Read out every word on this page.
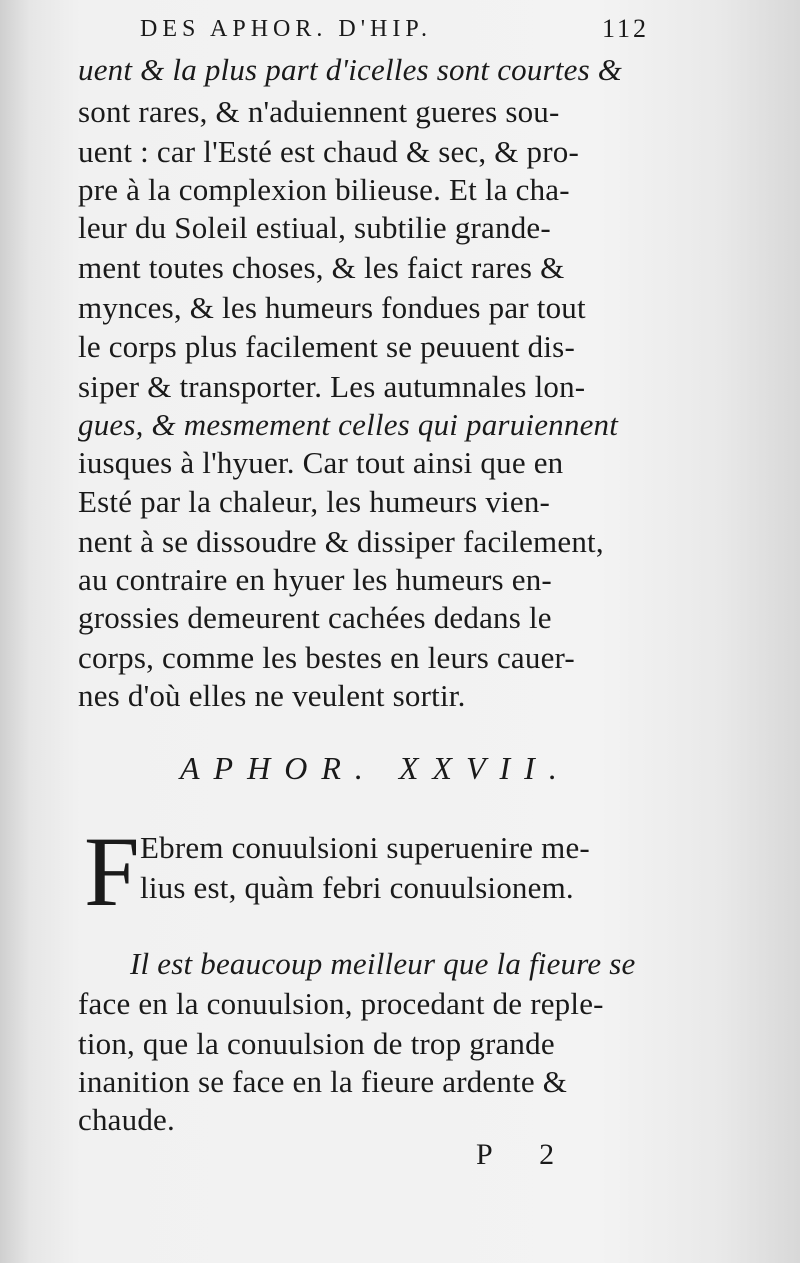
DES APHOR. D'HIP.	112
uent & la plus part d'icelles sont courtes &
sont rares, & n'aduiennent gueres sou-
uent : car l'Esté est chaud & sec, & pro-
pre à la complexion bilieuse. Et la cha-
leur du Soleil estiual, subtilie grande-
ment toutes choses, & les faict rares &
mynces, & les humeurs fondues par tout
le corps plus facilement se peuuent dis-
siper & transporter. Les autumnales lon-
gues, & mesmement celles qui paruiennent
iusques à l'hyuer. Car tout ainsi que en
Esté par la chaleur, les humeurs vien-
nent à se dissoudre & dissiper facilement,
au contraire en hyuer les humeurs en-
grossies demeurent cachées dedans le
corps, comme les bestes en leurs cauer-
nes d'où elles ne veulent sortir.
APHOR. XXVII.
F Ebrem conuulsioni superuenire me-
lius est, quàm febri conuulsionem.
Il est beaucoup meilleur que la fieure se
face en la conuulsion, procedant de reple-
tion, que la conuulsion de trop grande
inanition se face en la fieure ardente &
chaude.
P 2
